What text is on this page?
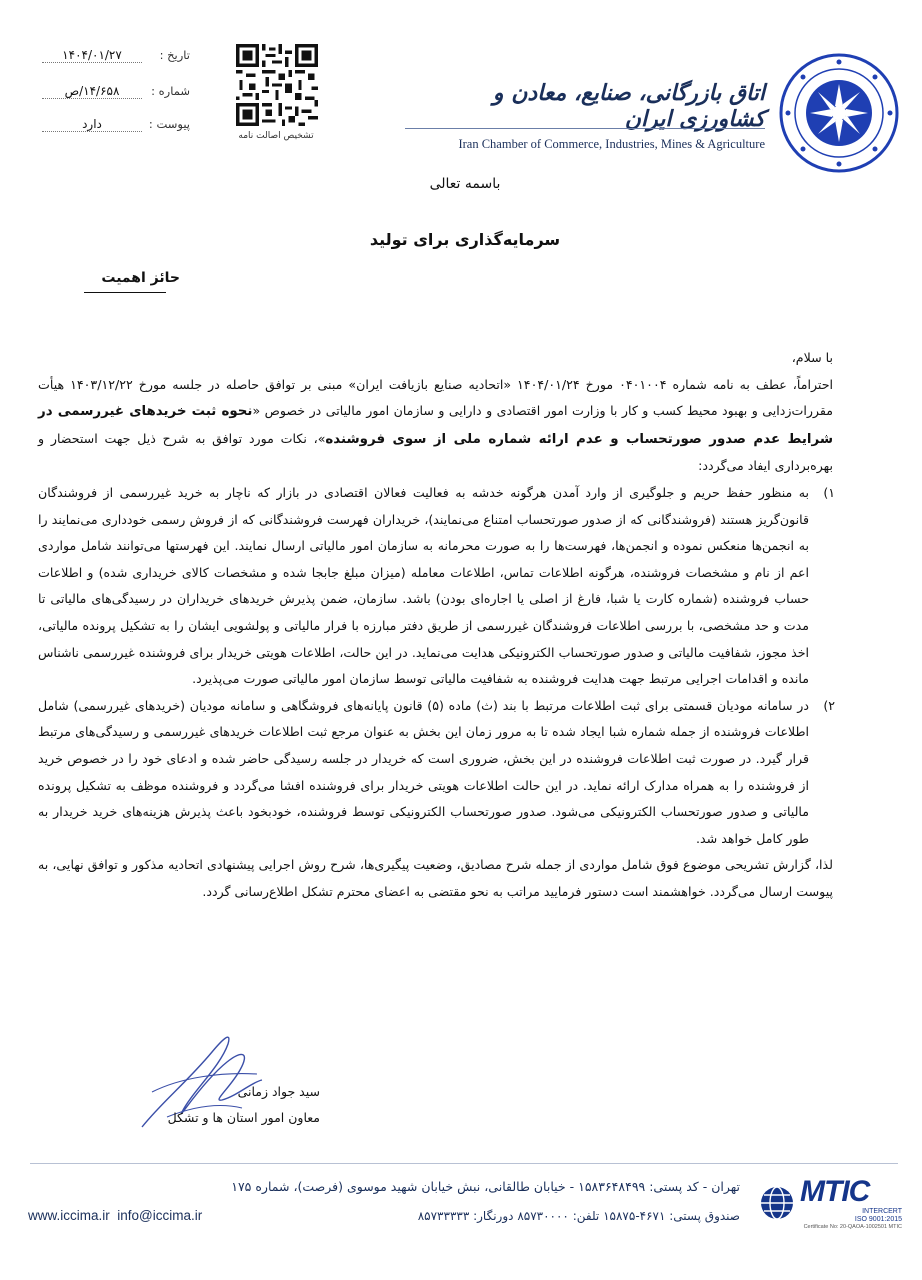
اتاق بازرگانی، صنایع، معادن و کشاورزی ایران
Iran Chamber of Commerce, Industries, Mines & Agriculture
تشخیص اصالت نامه
تاریخ :۱۴۰۴/۰۱/۲۷
شماره :۱۴/۶۵۸/ص
پیوست :دارد
باسمه تعالی
سرمایه‌گذاری برای تولید
حائز اهمیت

با سلام،

احتراماً، عطف به نامه شماره ۰۴۰۱۰۰۴ مورخ ۱۴۰۴/۰۱/۲۴ «اتحادیه صنایع بازیافت ایران» مبنی بر توافق حاصله در جلسه مورخ ۱۴۰۳/۱۲/۲۲ هیأت مقررات‌زدایی و بهبود محیط کسب و کار با وزارت امور اقتصادی و دارایی و سازمان امور مالیاتی در خصوص «نحوه ثبت خریدهای غیررسمی در شرایط عدم صدور صورتحساب و عدم ارائه شماره ملی از سوی فروشنده»، نکات مورد توافق به شرح ذیل جهت استحضار و بهره‌برداری ایفاد می‌گردد:

۱)
به منظور حفظ حریم و جلوگیری از وارد آمدن هرگونه خدشه به فعالیت فعالان اقتصادی در بازار که ناچار به خرید غیررسمی از فروشندگان قانون‌گریز هستند (فروشندگانی که از صدور صورتحساب امتناع می‌نمایند)، خریداران فهرست فروشندگانی که از فروش رسمی خودداری می‌نمایند را به انجمن‌ها منعکس نموده و انجمن‌ها، فهرست‌ها را به صورت محرمانه به سازمان امور مالیاتی ارسال نمایند. این فهرستها می‌توانند شامل مواردی اعم از نام و مشخصات فروشنده، هرگونه اطلاعات تماس، اطلاعات معامله (میزان مبلغ جابجا شده و مشخصات کالای خریداری شده) و اطلاعات حساب فروشنده (شماره کارت یا شبا، فارغ از اصلی یا اجاره‌ای بودن) باشد. سازمان، ضمن پذیرش خریدهای خریداران در رسیدگی‌های مالیاتی تا مدت و حد مشخصی، با بررسی اطلاعات فروشندگان غیررسمی از طریق دفتر مبارزه با فرار مالیاتی و پولشویی ایشان را به تشکیل پرونده مالیاتی، اخذ مجوز، شفافیت مالیاتی و صدور صورتحساب الکترونیکی هدایت می‌نماید. در این حالت، اطلاعات هویتی خریدار برای فروشنده غیررسمی ناشناس مانده و اقدامات اجرایی مرتبط جهت هدایت فروشنده به شفافیت مالیاتی توسط سازمان امور مالیاتی صورت می‌پذیرد.

۲)
در سامانه مودیان قسمتی برای ثبت اطلاعات مرتبط با بند (ث) ماده (۵) قانون پایانه‌های فروشگاهی و سامانه مودیان (خریدهای غیررسمی) شامل اطلاعات فروشنده از جمله شماره شبا ایجاد شده تا به مرور زمان این بخش به عنوان مرجع ثبت اطلاعات خریدهای غیررسمی و رسیدگی‌های مرتبط قرار گیرد. در صورت ثبت اطلاعات فروشنده در این بخش، ضروری است که خریدار در جلسه رسیدگی حاضر شده و ادعای خود را در خصوص خرید از فروشنده را به همراه مدارک ارائه نماید. در این حالت اطلاعات هویتی خریدار برای فروشنده افشا می‌گردد و فروشنده موظف به تشکیل پرونده مالیاتی و صدور صورتحساب الکترونیکی می‌شود. صدور صورتحساب الکترونیکی توسط فروشنده، خودبخود باعث پذیرش هزینه‌های خرید خریدار به طور کامل خواهد شد.

لذا، گزارش تشریحی موضوع فوق شامل مواردی از جمله شرح مصادیق، وضعیت پیگیری‌ها، شرح روش اجرایی پیشنهادی اتحادیه مذکور و توافق نهایی، به پیوست ارسال می‌گردد. خواهشمند است دستور فرمایید مراتب به نحو مقتضی به اعضای محترم تشکل اطلاع‌رسانی گردد.

سید جواد زمانی
معاون امور استان ها و تشکل
تهران - کد پستی: ۱۵۸۳۶۴۸۴۹۹ - خیابان طالقانی، نبش خیابان شهید موسوی (فرصت)، شماره ۱۷۵
صندوق پستی: ۴۶۷۱-۱۵۸۷۵ تلفن: ۸۵۷۳۰۰۰۰ دورنگار: ۸۵۷۳۳۳۳۳
www.iccima.ir info@iccima.ir
MTIC
INTERCERT
ISO 9001:2015
Certificate No: 20-QAOA-1002501 MTIC
